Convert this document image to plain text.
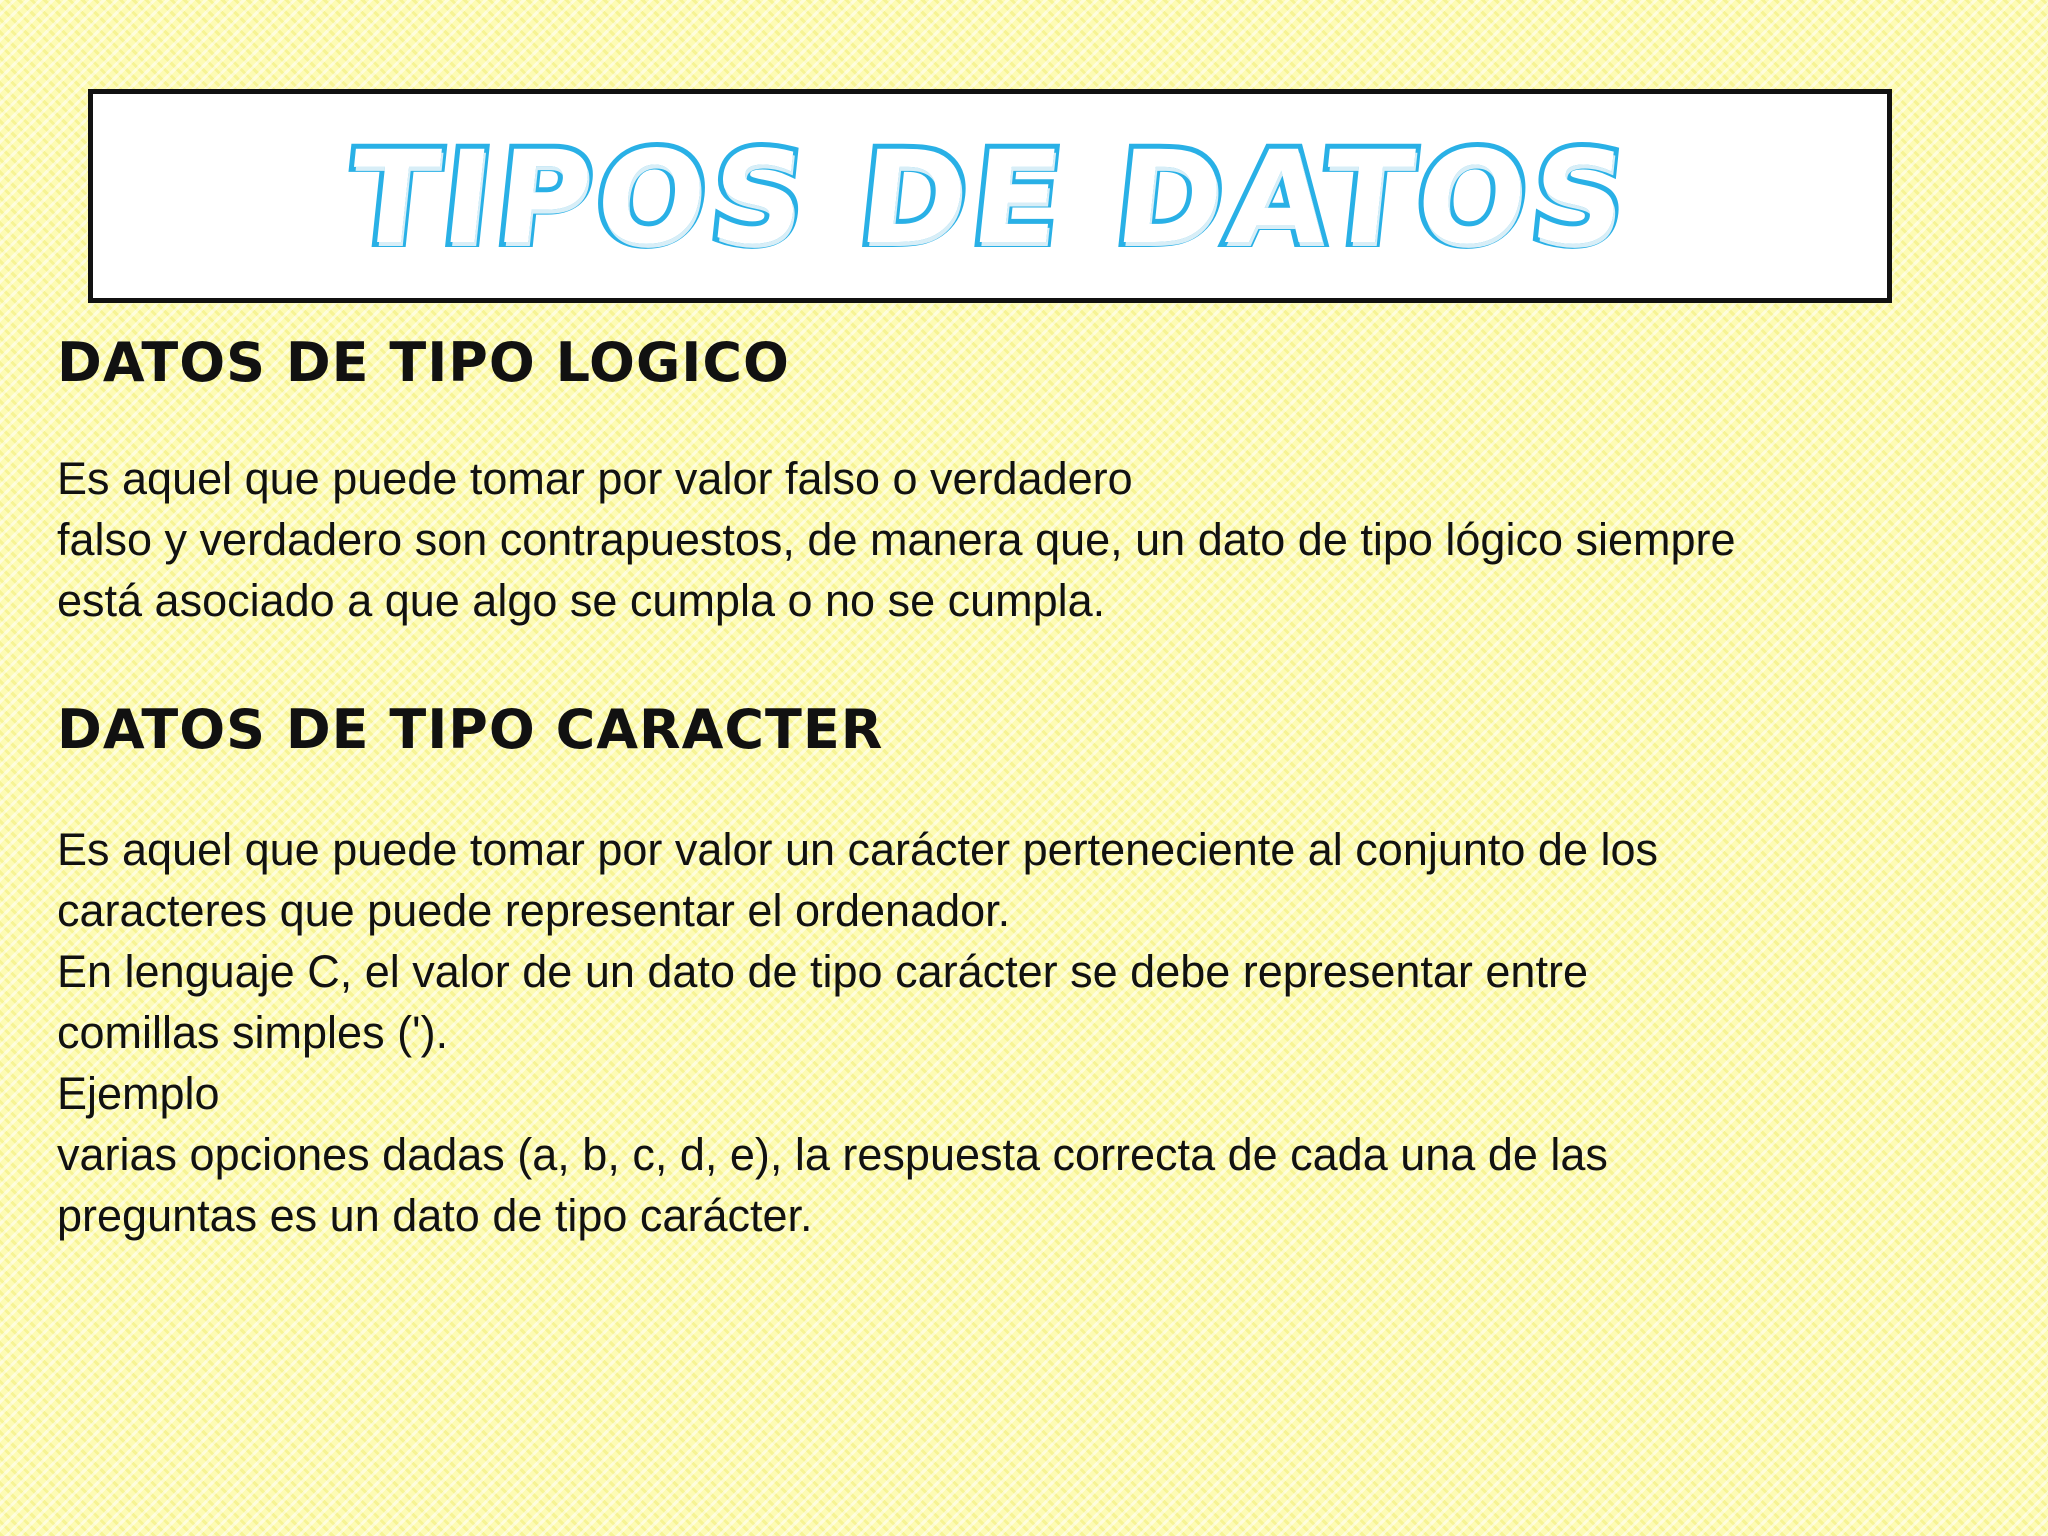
TIPOS DE DATOS
DATOS DE TIPO LOGICO

Es aquel que puede tomar por valor falso o verdadero

falso y verdadero son contrapuestos, de manera que, un dato de tipo lógico siempre

está asociado a que algo se cumpla o no se cumpla.

DATOS DE TIPO CARACTER

Es aquel que puede tomar por valor un carácter perteneciente al conjunto de los

caracteres que puede representar el ordenador.

En lenguaje C, el valor de un dato de tipo carácter se debe representar entre

comillas simples (').

Ejemplo

varias opciones dadas (a, b, c, d, e), la respuesta correcta de cada una de las

preguntas es un dato de tipo carácter.
